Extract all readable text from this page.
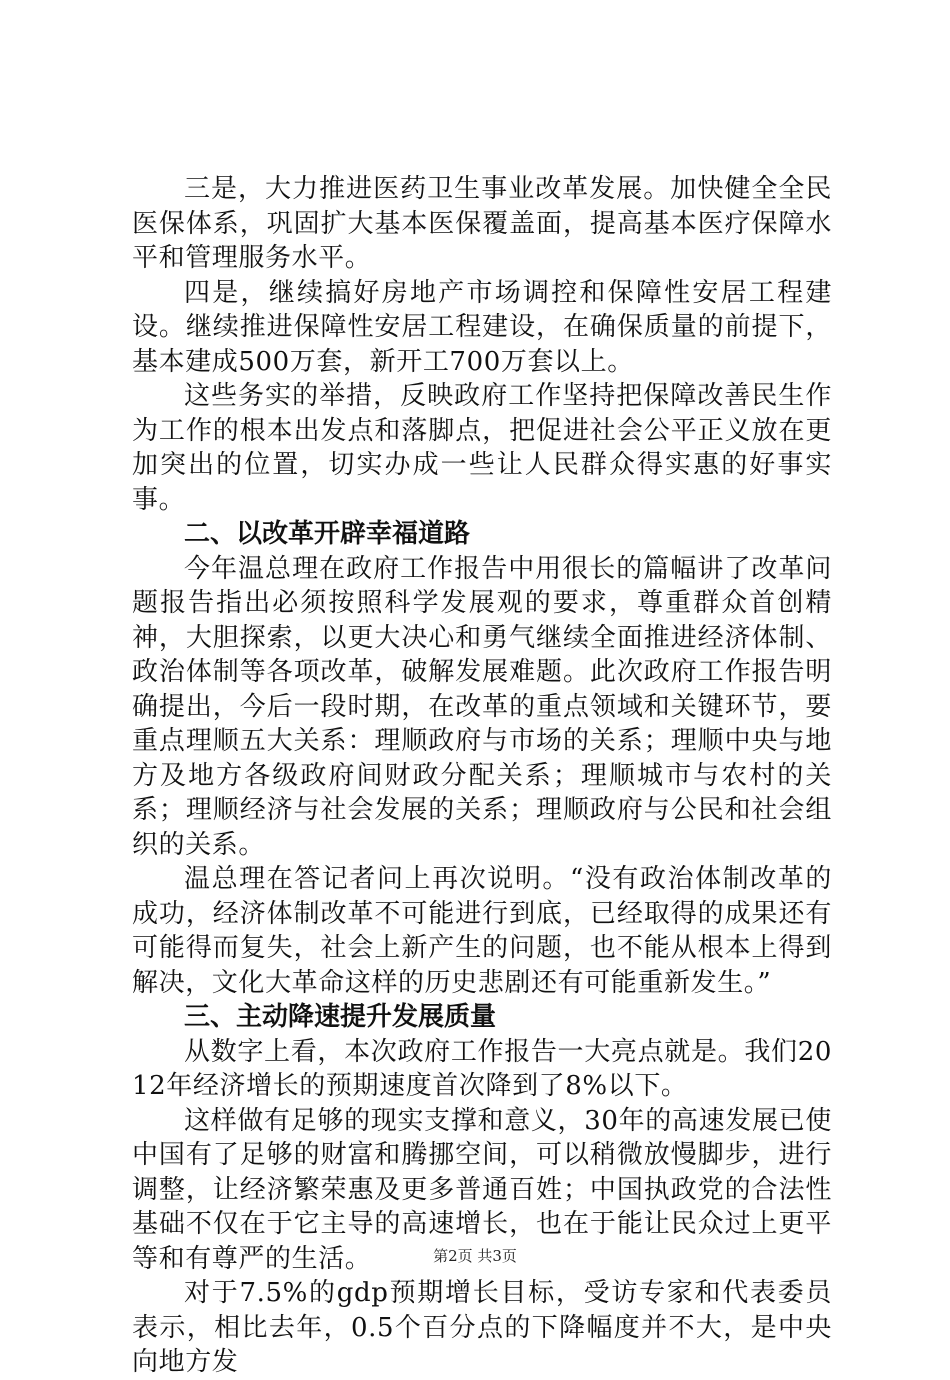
三是，大力推进医药卫生事业改革发展。加快健全全民医保体系，巩固扩大基本医保覆盖面，提高基本医疗保障水平和管理服务水平。

四是，继续搞好房地产市场调控和保障性安居工程建设。继续推进保障性安居工程建设，在确保质量的前提下，基本建成500万套，新开工700万套以上。

这些务实的举措，反映政府工作坚持把保障改善民生作为工作的根本出发点和落脚点，把促进社会公平正义放在更加突出的位置，切实办成一些让人民群众得实惠的好事实事。

二、以改革开辟幸福道路

今年温总理在政府工作报告中用很长的篇幅讲了改革问题报告指出必须按照科学发展观的要求，尊重群众首创精神，大胆探索，以更大决心和勇气继续全面推进经济体制、政治体制等各项改革，破解发展难题。此次政府工作报告明确提出，今后一段时期，在改革的重点领域和关键环节，要重点理顺五大关系：理顺政府与市场的关系；理顺中央与地方及地方各级政府间财政分配关系；理顺城市与农村的关系；理顺经济与社会发展的关系；理顺政府与公民和社会组织的关系。

温总理在答记者问上再次说明。“没有政治体制改革的成功，经济体制改革不可能进行到底，已经取得的成果还有可能得而复失，社会上新产生的问题，也不能从根本上得到解决，文化大革命这样的历史悲剧还有可能重新发生。”

三、主动降速提升发展质量

从数字上看，本次政府工作报告一大亮点就是。我们2012年经济增长的预期速度首次降到了8%以下。

这样做有足够的现实支撑和意义，30年的高速发展已使中国有了足够的财富和腾挪空间，可以稍微放慢脚步，进行调整，让经济繁荣惠及更多普通百姓；中国执政党的合法性基础不仅在于它主导的高速增长，也在于能让民众过上更平等和有尊严的生活。

对于7.5%的gdp预期增长目标，受访专家和代表委员表示，相比去年，0.5个百分点的下降幅度并不大，是中央向地方发

第2页 共3页
